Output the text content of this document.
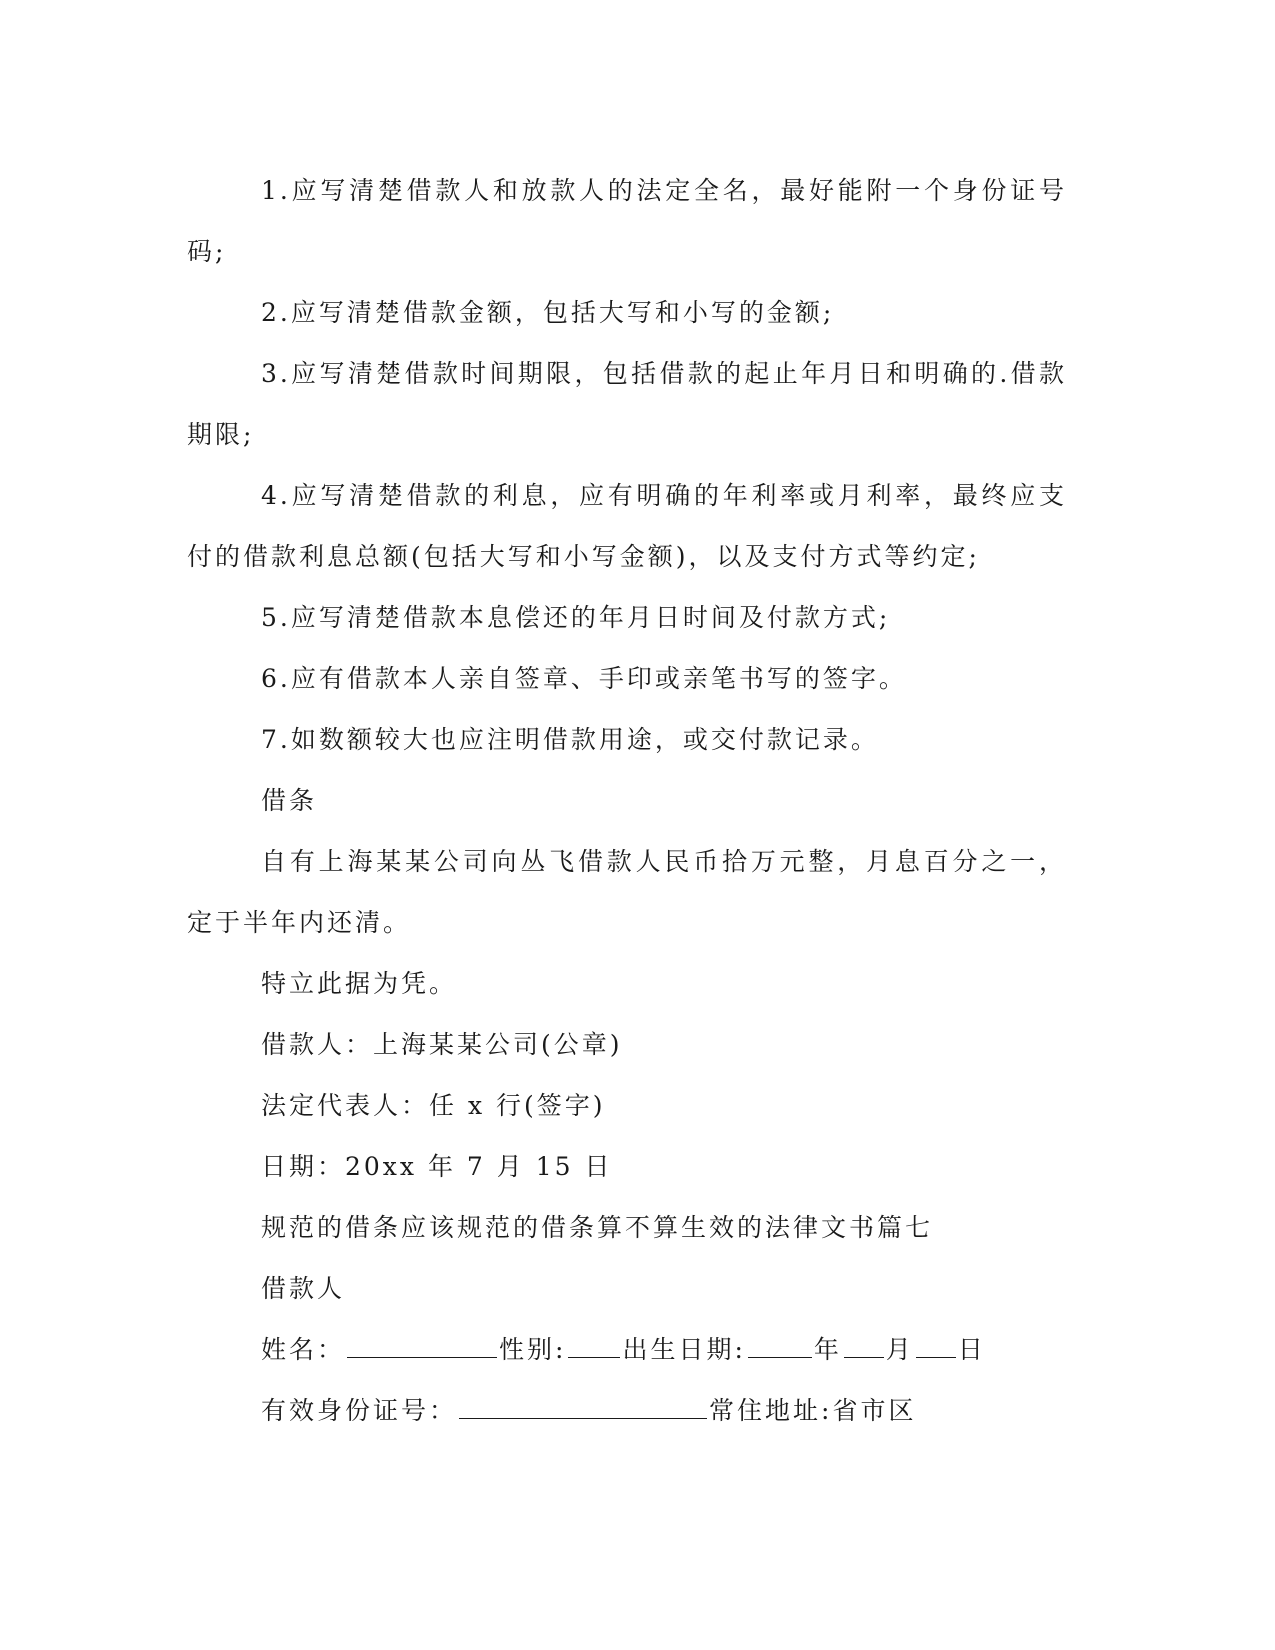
1.应写清楚借款人和放款人的法定全名，最好能附一个身份证号码;

2.应写清楚借款金额，包括大写和小写的金额;

3.应写清楚借款时间期限，包括借款的起止年月日和明确的.借款期限;

4.应写清楚借款的利息，应有明确的年利率或月利率，最终应支付的借款利息总额(包括大写和小写金额)，以及支付方式等约定;

5.应写清楚借款本息偿还的年月日时间及付款方式;

6.应有借款本人亲自签章、手印或亲笔书写的签字。

7.如数额较大也应注明借款用途，或交付款记录。

借条

自有上海某某公司向丛飞借款人民币拾万元整，月息百分之一，定于半年内还清。

特立此据为凭。

借款人：上海某某公司(公章)

法定代表人：任 x 行(签字)

日期：20xx 年 7 月 15 日

规范的借条应该规范的借条算不算生效的法律文书篇七

借款人

姓名：	性别: 出生日期:	年 月 日

有效身份证号：	常住地址:省市区
